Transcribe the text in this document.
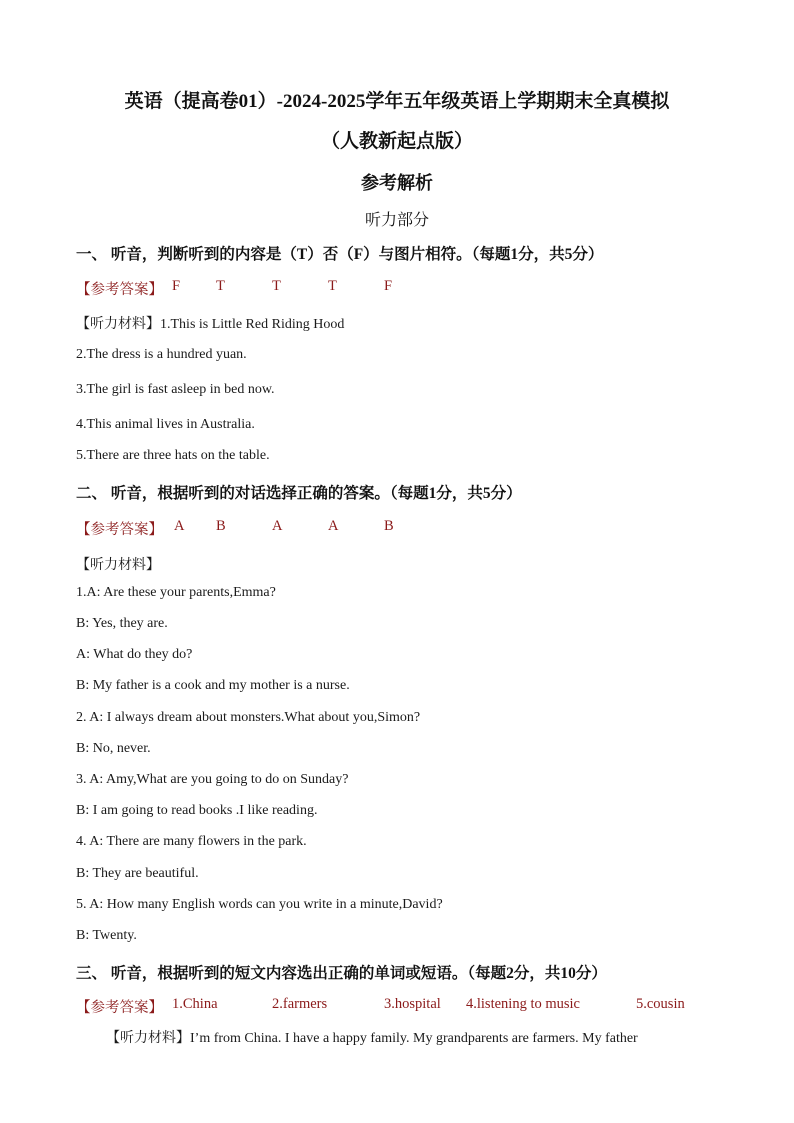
英语（提高卷01）-2024-2025学年五年级英语上学期期末全真模拟
（人教新起点版）
参考解析
听力部分
一、 听音，判断听到的内容是（T）否（F）与图片相符。（每题1分，共5分）
【参考答案】 F T	T	T	F
【听力材料】1.This is Little Red Riding Hood
2.The dress is a hundred yuan.
3.The girl is fast asleep in bed now.
4.This animal lives in Australia.
5.There are three hats on the table.
二、 听音，根据听到的对话选择正确的答案。（每题1分，共5分）
【参考答案】 A B	A	A	B
【听力材料】
1.A: Are these your parents,Emma?
B: Yes, they are.
A: What do they do?
B: My father is a cook and my mother is a nurse.
2. A: I always dream about monsters.What about you,Simon?
B: No, never.
3. A: Amy,What are you going to do on Sunday?
B: I am going to read books .I like reading.
4. A: There are many flowers in the park.
B: They are beautiful.
5. A: How many English words can you write in a minute,David?
B: Twenty.
三、 听音，根据听到的短文内容选出正确的单词或短语。（每题2分，共10分）
【参考答案】 1.China	2.farmers	3.hospital 4.listening to music	5.cousin
【听力材料】I’m from China. I have a happy family. My grandparents are farmers. My father
